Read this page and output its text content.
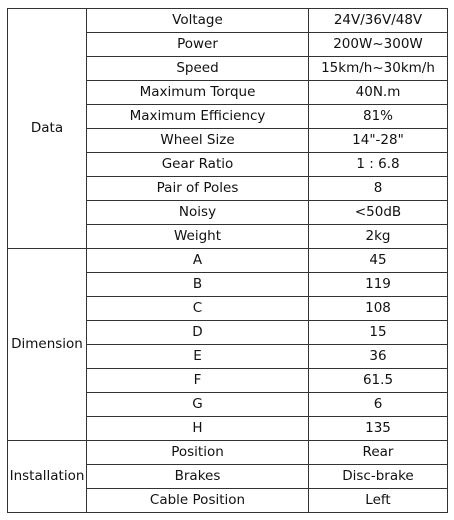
Data	Voltage	24V/36V/48V
	Power	200W~300W
	Speed	15km/h~30km/h
	Maximum Torque	40N.m
	Maximum Efficiency	81%
	Wheel Size	14"-28"
	Gear Ratio	1 : 6.8
	Pair of Poles	8
	Noisy	<50dB
	Weight	2kg
Dimension	A	45
	B	119
	C	108
	D	15
	E	36
	F	61.5
	G	6
	H	135
Installation	Position	Rear
	Brakes	Disc-brake
	Cable Position	Left
